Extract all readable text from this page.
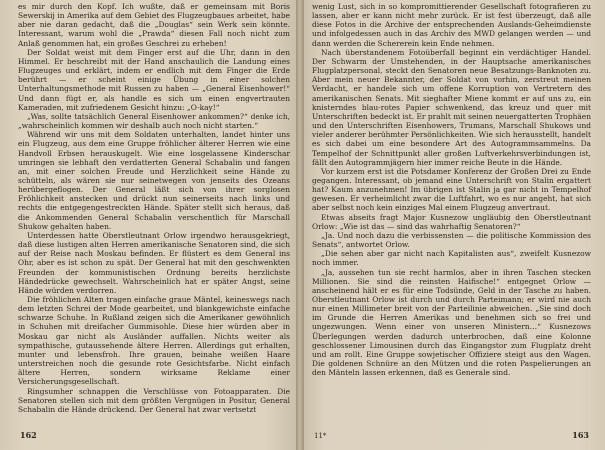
es mir durch den Kopf. Ich wußte, daß er gemeinsam mit Boris Sewerskij in Amerika auf dem Gebiet des Flugzeugbaues arbeitet, habe aber nie daran gedacht, daß die „Douglas“ sein Werk sein könnte. Interessant, warum wohl die „Prawda“ diesen Fall noch nicht zum Anlaß genommen hat, ein großes Geschrei zu erheben!

Der Soldat weist mit dem Finger erst auf die Uhr, dann in den Himmel. Er beschreibt mit der Hand anschaulich die Landung eines Flugzeuges und erklärt, indem er endlich mit dem Finger die Erde berührt — er scheint einige Übung in einer solchen Unterhaltungsmethode mit Russen zu haben — „General Eisenhower!“ Und dann fügt er, als handle es sich um einen engvertrauten Kameraden, mit zufriedenem Gesicht hinzu: „O-kay!“

„Was, sollte tatsächlich General Eisenhower ankommen?“ denke ich, „wahrscheinlich kommen wir deshalb auch noch nicht starten.“

Während wir uns mit dem Soldaten unterhalten, landet hinter uns ein Flugzeug, aus dem eine Gruppe fröhlicher älterer Herren wie eine Handvoll Erbsen herauskugelt. Wie eine losgelassene Kinderschar umringen sie lebhaft den verdatterten General Schabalin und fangen an, mit einer solchen Freude und Herzlichkeit seine Hände zu schütteln, als wären sie nur seinetwegen von jenseits des Ozeans herübergeflogen. Der General läßt sich von ihrer sorglosen Fröhlichkeit anstecken und drückt nun seinerseits nach links und rechts die entgegengestreckten Hände. Später stellt sich heraus, daß die Ankommenden General Schabalin verschentlich für Marschall Shukow gehalten haben.

Unterdessen hatte Oberstleutnant Orlow irgendwo herausgekriegt, daß diese lustigen alten Herren amerikanische Senatoren sind, die sich auf der Reise nach Moskau befinden. Er flüstert es dem General ins Ohr, aber es ist schon zu spät. Der General hat mit den geschwenkten Freunden der kommunistischen Ordnung bereits herzlichste Händedrücke gewechselt. Wahrscheinlich hat er später Angst, seine Hände würden verdorren.

Die fröhlichen Alten tragen einfache graue Mäntel, keineswegs nach dem letzten Schrei der Mode gearbeitet, und blankgewichste einfache schwarze Schuhe. In Rußland zeigen sich die Amerikaner gewöhnlich in Schuhen mit dreifacher Gummisohle. Diese hier würden aber in Moskau gar nicht als Ausländer auffallen. Nichts weiter als sympathische, gutaussehende ältere Herren. Allerdings gut erhalten, munter und lebensfroh. Ihre grauen, beinahe weißen Haare unterstreichen noch die gesunde rote Gesichtsfarbe. Nicht einfach ältere Herren, sondern wirksame Reklame einer Versicherungsgesellschaft.

Ringsumher schnappen die Verschlüsse von Fotoapparaten. Die Senatoren stellen sich mit dem größten Vergnügen in Positur, General Schabalin die Hände drückend. Der General hat zwar vertsetzt

162

wenig Lust, sich in so kompromittierender Gesellschaft fotografieren zu lassen, aber er kann nicht mehr zurück. Er ist fest überzeugt, daß alle diese Fotos in die Archive der entsprechenden Auslands-Geheimdienste und infolgedessen auch in das Archiv des MWD gelangen werden — und dann werden die Schererein kein Ende nehmen.

Nach überstandenem Fotoüberfall beginnt ein verdächtiger Handel. Der Schwarm der Umstehenden, in der Hauptsache amerikanisches Flugplatzpersonal, steckt den Senatoren neue Besatzungs-Banknoten zu. Aber mein neuer Bekannter, der Soldat von vorhin, zerstreut meinen Verdacht, er handele sich um offene Korruption von Vertretern des amerikanischen Senats. Mit sieghafter Miene kommt er auf uns zu, ein knisterndes blau-rotes Papier schwenkend, das kreuz und quer mit Unterschriften bedeckt ist. Er prahlt mit seinen neuergatterten Trophäen und den Unterschriften Eisenhowers, Trumans, Marschall Shukows und vieler anderer berühmter Persönlichkeiten. Wie sich herausstellt, handelt es sich dabei um eine besondere Art des Autogrammsammelns. Da Tempelhof der Schnittpunkt aller großen Luftverkehrsverbindungen ist, fällt den Autogrammjägern hier immer reiche Beute in die Hände.

Vor kurzem erst ist die Potsdamer Konferenz der Großen Drei zu Ende gegangen. Interessant, ob jemand eine Unterschrift von Stalin ergattert hat? Kaum anzunehmen! Im übrigen ist Stalin ja gar nicht in Tempelhof gewesen. Er verheimlicht zwar die Luftfahrt, wo es nur angeht, hat sich aber selbst noch kein einziges Mal einem Flugzeug anvertraut.

Etwas abseits fragt Major Kusnezow ungläubig den Oberstleutnant Orlow: „Wie ist das — sind das wahrhaftig Senatoren?“

„Ja. Und noch dazu die verbissensten — die politische Kommission des Senats“, antwortet Orlow.

„Die sehen aber gar nicht nach Kapitalisten aus“, zweifelt Kusnezow noch immer.

„Ja, aussehen tun sie recht harmlos, aber in ihren Taschen stecken Millionen. Sie sind die reinsten Haifische!“ entgegnet Orlow — anscheinend hält er es für eine Todsünde, Geld in der Tasche zu haben. Oberstleutnant Orlow ist durch und durch Parteimann; er wird nie auch nur einen Millimeter breit von der Parteilinie abweichen. „Sie sind doch im Grunde die Herren Amerikas und benehmen sich so frei und ungezwungen. Wenn einer von unseren Ministern…“ Kusnezows Überlegungen werden dadurch unterbrochen, daß eine Kolonne geschlossener Limousinen durch das Eingangstor zum Flugplatz dreht und am rollt. Eine Gruppe sowjetischer Offiziere steigt aus den Wagen. Die goldenen Schnüre an den Mützen und die roten Paspelierungen an den Mänteln lassen erkennen, daß es Generale sind.

11*	163
